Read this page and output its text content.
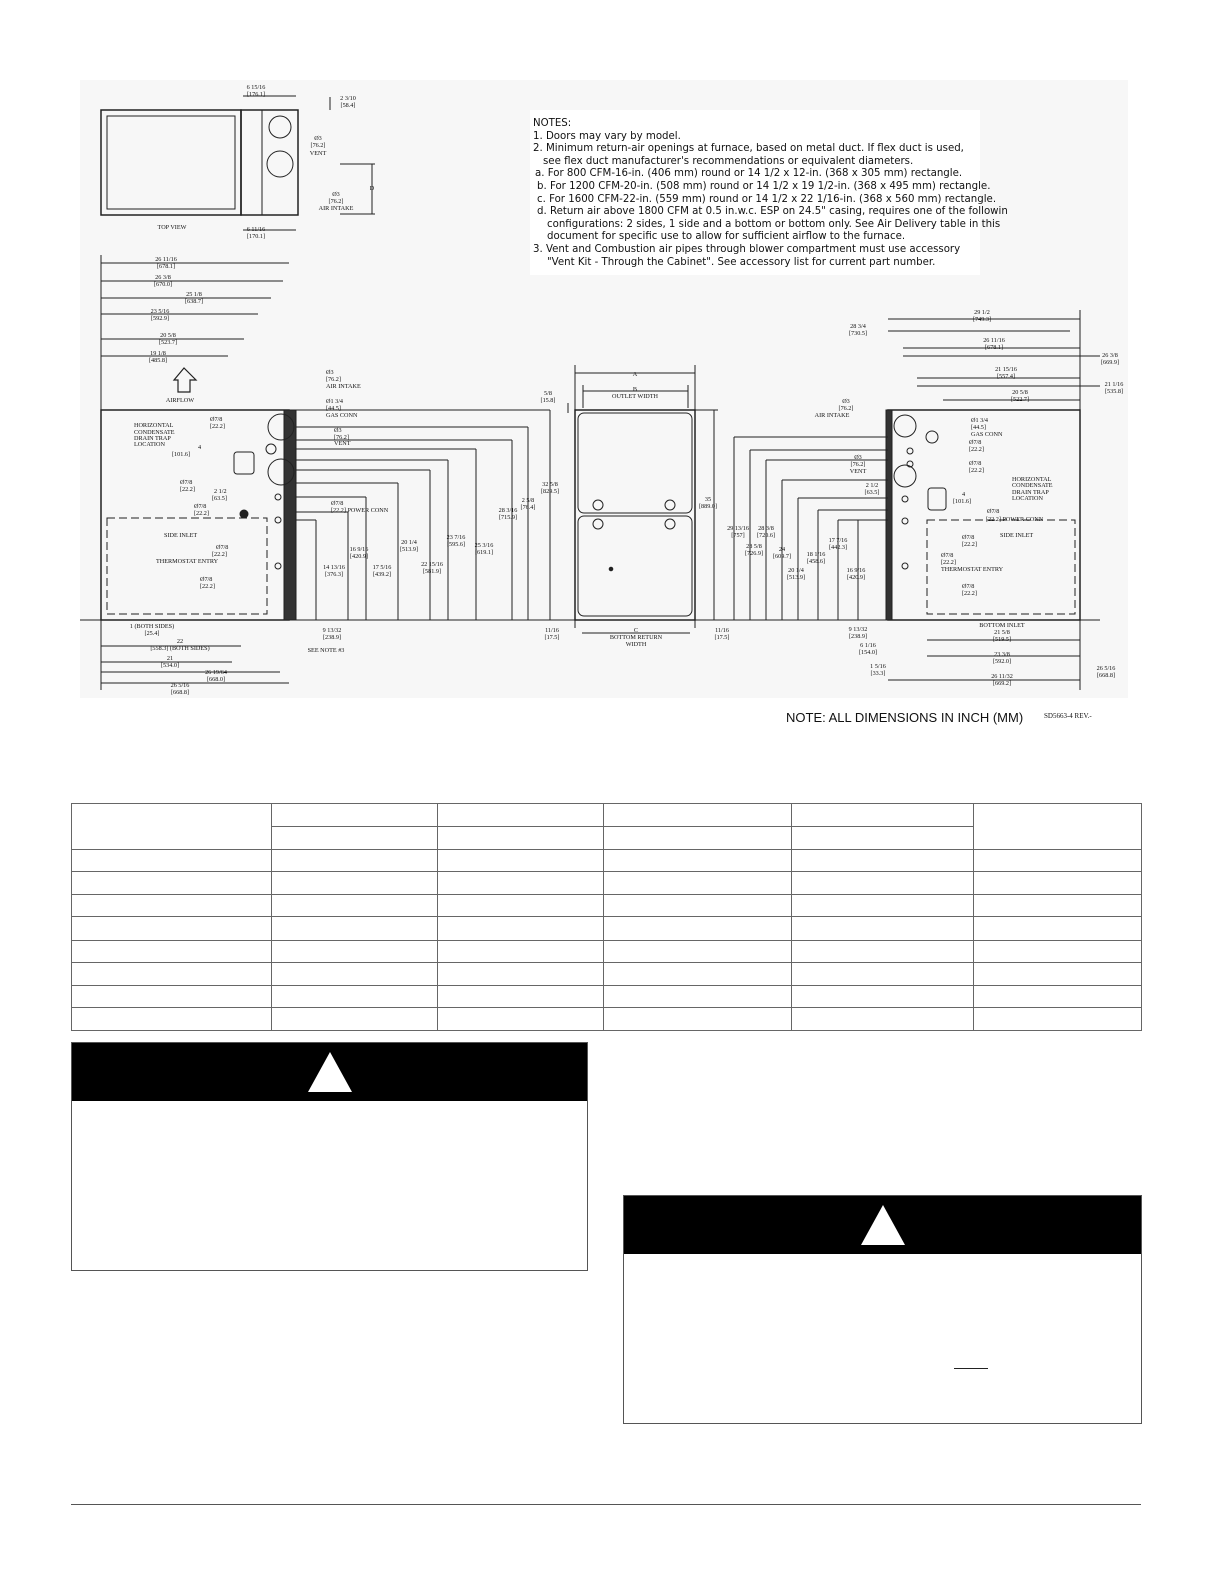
6 15/16
[176.1]
2 3/10
[58.4]
Ø3
[76.2]
VENT
Ø3
[76.2]
AIR INTAKE
D
TOP VIEW	6 11/16
[170.1]
26 11/16
[678.1]
26 3/8
[670.0]
25 1/8
[638.7]
23 5/16
[592.9]
20 5/8
[523.7]
19 1/8
[485.8]
AIRFLOW
Ø3
[76.2]
AIR INTAKE
Ø1 3/4
[44.5]
GAS CONN
Ø3
[76.2]
VENT
Ø7/8
[22.2]
HORIZONTAL
CONDENSATE
DRAIN TRAP
LOCATION	4
[101.6]
Ø7/8
[22.2]	2 1/2
[63.5]
Ø7/8
[22.2]
Ø7/8
[22.2] POWER CONN
SIDE INLET
Ø7/8
[22.2]
THERMOSTAT ENTRY
Ø7/8
[22.2]
14 13/16
[376.3]
16 9/16
[420.9]
17 5/16
[439.2]
20 1/4
[513.9]
22 15/16
[581.9]
23 7/16
[595.6] 25 3/16
[619.1]
28 3/16
[715.9]
2 5/8
[76.4]
32 5/8
[829.5]
1 (BOTH SIDES)
[25.4]
22
[558.3] (BOTH SIDES)
21
[534.0]
26 19/64
[668.0]
26 5/16
[668.8]
9 13/32
[238.9]
SEE NOTE #3
A
B
OUTLET WIDTH
5/8
[15.8]
35
[889.0]
C
BOTTOM RETURN
WIDTH
11/16
[17.5]
11/16
[17.5]
29 1/2
[749.3]
28 3/4
[730.5]
26 11/16
[678.1]
26 3/8
[669.9]
21 15/16
[557.4]
21 1/16
[535.8]
20 5/8
[522.7]
Ø3
[76.2]
AIR INTAKE
Ø1 3/4
[44.5]
GAS CONN
Ø7/8
[22.2]
Ø7/8
[22.2]
HORIZONTAL
CONDENSATE
DRAIN TRAP
LOCATION
4
[101.6]
Ø7/8
[22.2] POWER CONN
Ø7/8
[22.2]
SIDE INLET
Ø7/8
[22.2]
THERMOSTAT ENTRY
Ø7/8
[22.2]
Ø3
[76.2]
VENT
2 1/2
[63.5]
29 13/16
[757]
28 5/8
[726.9]
28 3/8
[720.6]
24
[609.7]
20 1/4
[513.9]
18 1/16
[458.6]
17 7/16
[442.3]
16 9/16
[420.9]
9 13/32
[238.9]
6 1/16
[154.0]
1 5/16
[33.3]
BOTTOM INLET
21 5/8
[519.5]
23 3/8
[592.0]
26 11/32
[669.2]
26 5/16
[668.8]
NOTES:
1. Doors may vary by model.
2. Minimum return-air openings at furnace, based on metal duct. If flex duct is used,
see flex duct manufacturer's recommendations or equivalent diameters.
a. For 800 CFM-16-in. (406 mm) round or 14 1/2 x 12-in. (368 x 305 mm) rectangle.
b. For 1200 CFM-20-in. (508 mm) round or 14 1/2 x 19 1/2-in. (368 x 495 mm) rectangle.
c. For 1600 CFM-22-in. (559 mm) round or 14 1/2 x 22 1/16-in. (368 x 560 mm) rectangle.
d. Return air above 1800 CFM at 0.5 in.w.c. ESP on 24.5" casing, requires one of the followin
configurations: 2 sides, 1 side and a bottom or bottom only. See Air Delivery table in this
document for specific use to allow for sufficient airflow to the furnace.
3. Vent and Combustion air pipes through blower compartment must use accessory
"Vent Kit - Through the Cabinet". See accessory list for current part number.
NOTE: ALL DIMENSIONS IN INCH (MM)	SD5663-4 REV.-
